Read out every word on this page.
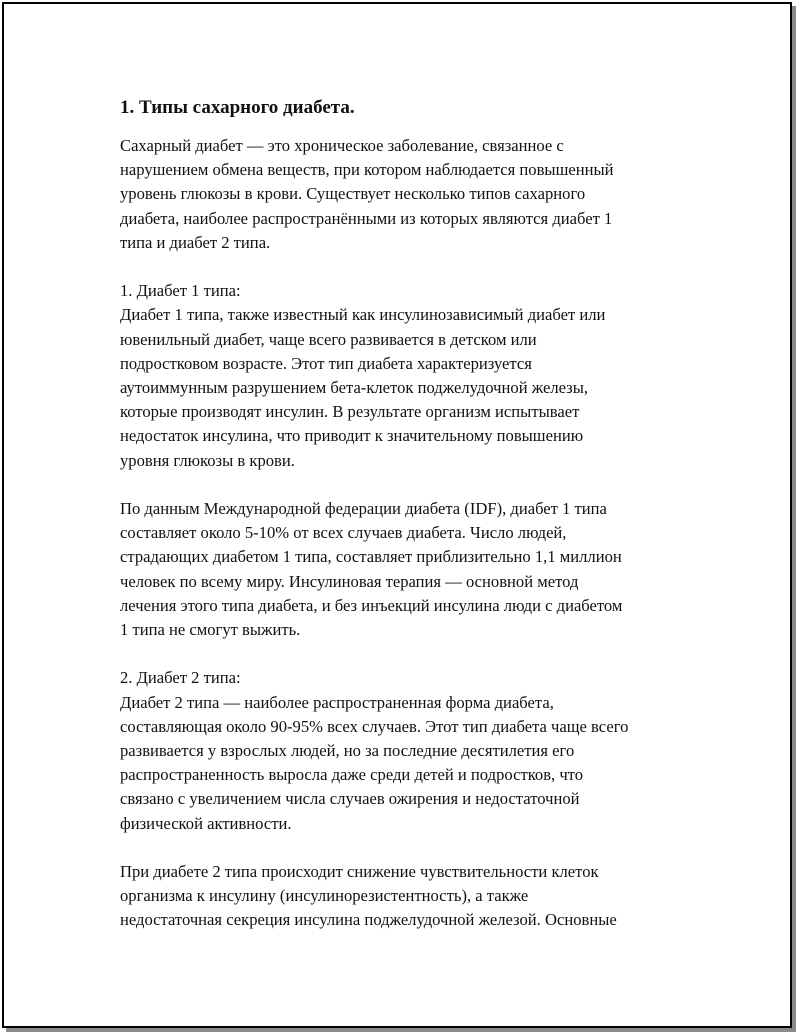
1. Типы сахарного диабета.

Сахарный диабет — это хроническое заболевание, связанное с
нарушением обмена веществ, при котором наблюдается повышенный
уровень глюкозы в крови. Существует несколько типов сахарного
диабета, наиболее распространёнными из которых являются диабет 1
типа и диабет 2 типа.

1. Диабет 1 типа:
Диабет 1 типа, также известный как инсулинозависимый диабет или
ювенильный диабет, чаще всего развивается в детском или
подростковом возрасте. Этот тип диабета характеризуется
аутоиммунным разрушением бета-клеток поджелудочной железы,
которые производят инсулин. В результате организм испытывает
недостаток инсулина, что приводит к значительному повышению
уровня глюкозы в крови.

По данным Международной федерации диабета (IDF), диабет 1 типа
составляет около 5-10% от всех случаев диабета. Число людей,
страдающих диабетом 1 типа, составляет приблизительно 1,1 миллион
человек по всему миру. Инсулиновая терапия — основной метод
лечения этого типа диабета, и без инъекций инсулина люди с диабетом
1 типа не смогут выжить.

2. Диабет 2 типа:
Диабет 2 типа — наиболее распространенная форма диабета,
составляющая около 90-95% всех случаев. Этот тип диабета чаще всего
развивается у взрослых людей, но за последние десятилетия его
распространенность выросла даже среди детей и подростков, что
связано с увеличением числа случаев ожирения и недостаточной
физической активности.

При диабете 2 типа происходит снижение чувствительности клеток
организма к инсулину (инсулинорезистентность), а также
недостаточная секреция инсулина поджелудочной железой. Основные
